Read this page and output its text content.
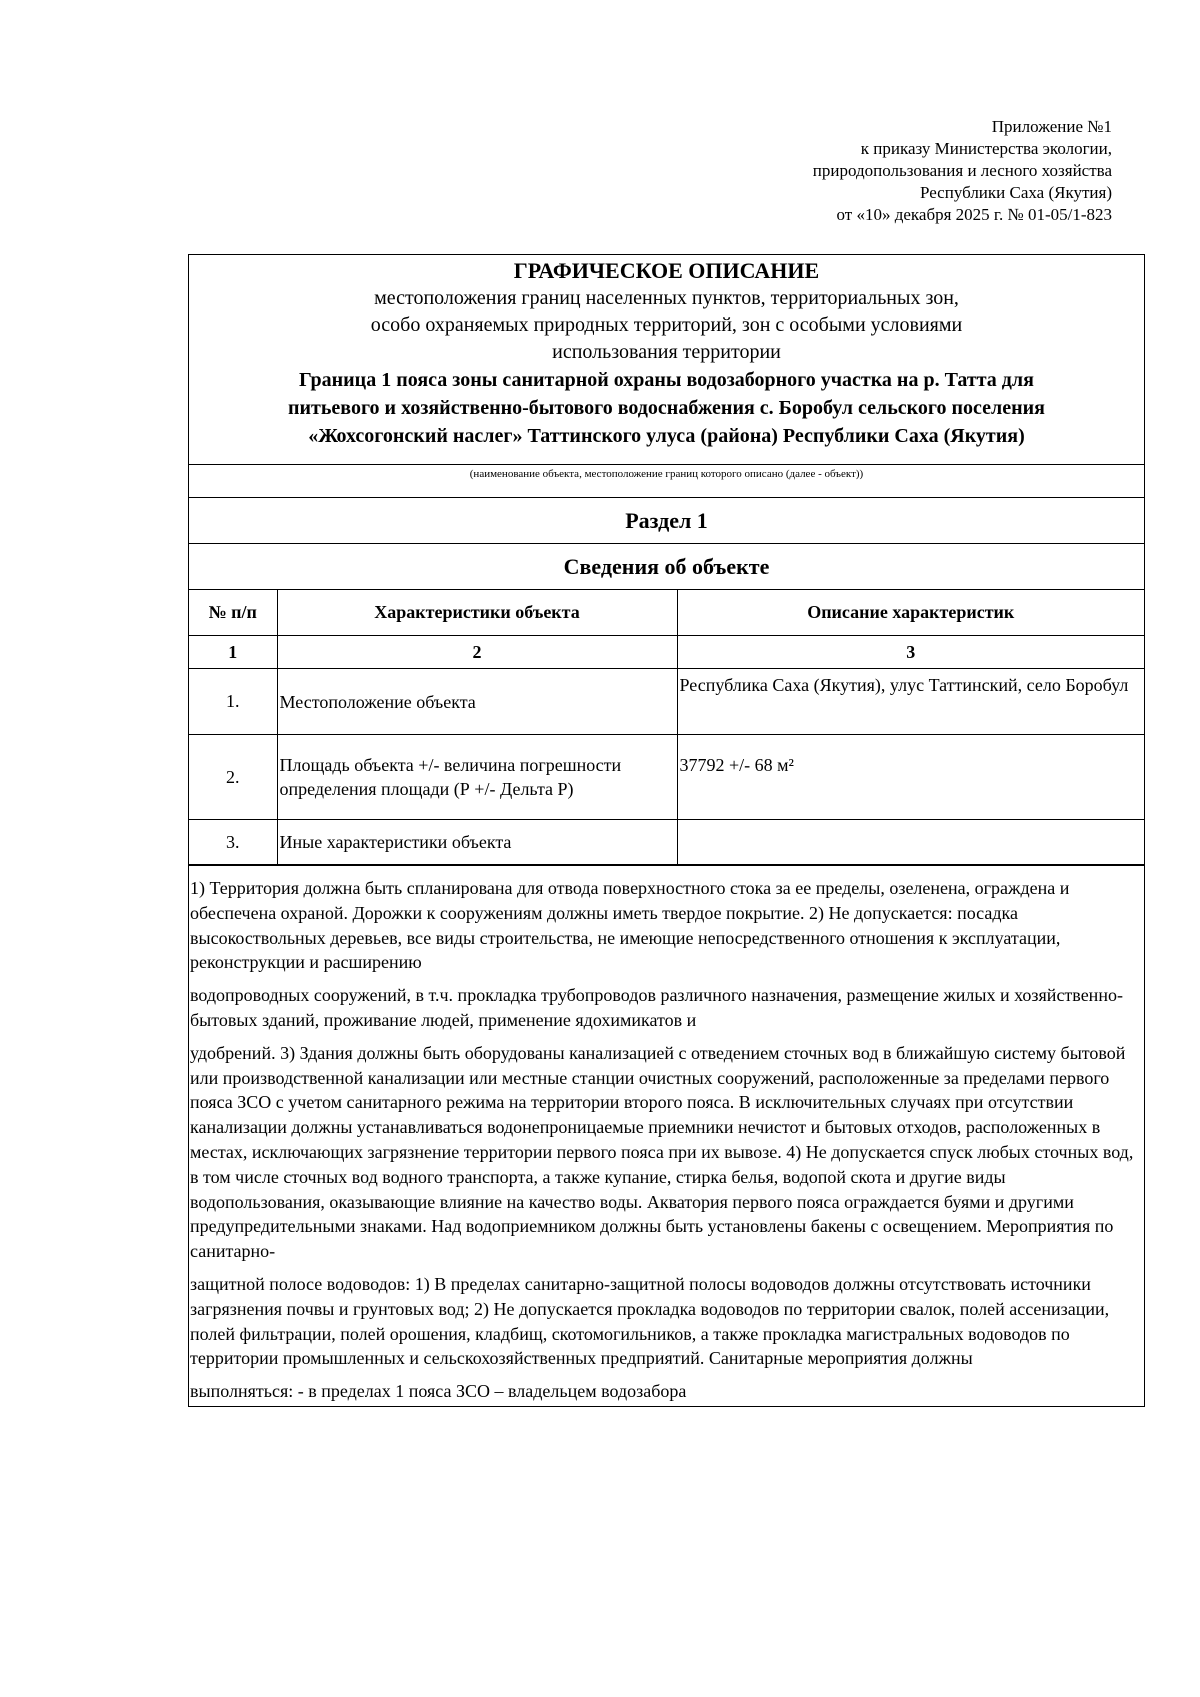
Приложение №1
к приказу Министерства экологии,
природопользования и лесного хозяйства
Республики Саха (Якутия)
от «10» декабря 2025 г. № 01-05/1-823
ГРАФИЧЕСКОЕ ОПИСАНИЕ
местоположения границ населенных пунктов, территориальных зон,
особо охраняемых природных территорий, зон с особыми условиями
использования территории
Граница 1 пояса зоны санитарной охраны водозаборного участка на р. Татта для
питьевого и хозяйственно-бытового водоснабжения с. Боробул сельского поселения
«Жохсогонский наслег» Таттинского улуса (района) Республики Саха (Якутия)
(наименование объекта, местоположение границ которого описано (далее - объект))
Раздел 1
Сведения об объекте
№ п/п	Характеристики объекта	Описание характеристик
1	2	3
1.	Местоположение объекта	Республика Саха (Якутия), улус Таттинский, село Боробул
2.	Площадь объекта +/- величина погрешности определения площади (Р +/- Дельта Р)	37792 +/- 68 м²
3.	Иные характеристики объекта	

1) Территория должна быть спланирована для отвода поверхностного стока за ее пределы, озеленена, ограждена и обеспечена охраной. Дорожки к сооружениям должны иметь твердое покрытие. 2) Не допускается: посадка высокоствольных деревьев, все виды строительства, не имеющие непосредственного отношения к эксплуатации, реконструкции и расширению

водопроводных сооружений, в т.ч. прокладка трубопроводов различного назначения, размещение жилых и хозяйственно-бытовых зданий, проживание людей, применение ядохимикатов и

удобрений. 3) Здания должны быть оборудованы канализацией с отведением сточных вод в ближайшую систему бытовой или производственной канализации или местные станции очистных сооружений, расположенные за пределами первого пояса ЗСО с учетом санитарного режима на территории второго пояса. В исключительных случаях при отсутствии канализации должны устанавливаться водонепроницаемые приемники нечистот и бытовых отходов, расположенных в местах, исключающих загрязнение территории первого пояса при их вывозе. 4) Не допускается спуск любых сточных вод, в том числе сточных вод водного транспорта, а также купание, стирка белья, водопой скота и другие виды водопользования, оказывающие влияние на качество воды. Акватория первого пояса ограждается буями и другими предупредительными знаками. Над водоприемником должны быть установлены бакены с освещением. Мероприятия по санитарно-

защитной полосе водоводов: 1) В пределах санитарно-защитной полосы водоводов должны отсутствовать источники загрязнения почвы и грунтовых вод; 2) Не допускается прокладка водоводов по территории свалок, полей ассенизации, полей фильтрации, полей орошения, кладбищ, скотомогильников, а также прокладка магистральных водоводов по территории промышленных и сельскохозяйственных предприятий. Санитарные мероприятия должны

выполняться: - в пределах 1 пояса ЗСО – владельцем водозабора
